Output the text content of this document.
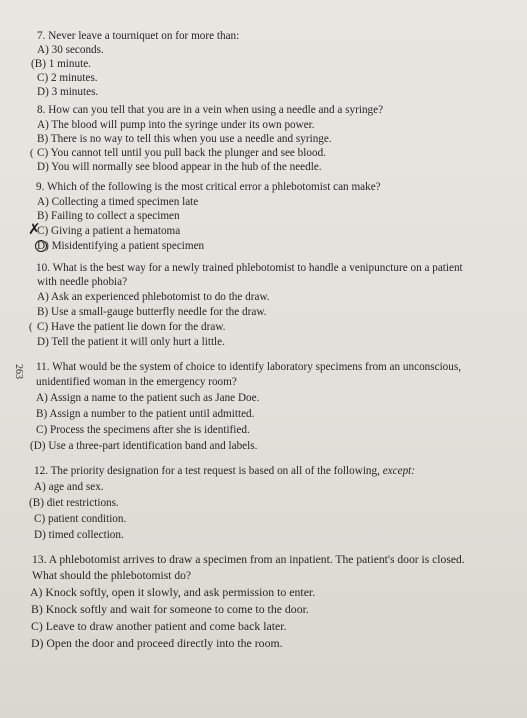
7. Never leave a tourniquet on for more than:
A) 30 seconds.
(B) 1 minute.
C) 2 minutes.
D) 3 minutes.
8. How can you tell that you are in a vein when using a needle and a syringe?
A) The blood will pump into the syringe under its own power.
B) There is no way to tell this when you use a needle and syringe.
( C) You cannot tell until you pull back the plunger and see blood.
D) You will normally see blood appear in the hub of the needle.
9. Which of the following is the most critical error a phlebotomist can make?
A) Collecting a timed specimen late
B) Failing to collect a specimen
✗
C) Giving a patient a hematoma
D) Misidentifying a patient specimen
10. What is the best way for a newly trained phlebotomist to handle a venipuncture on a patient
with needle phobia?
A) Ask an experienced phlebotomist to do the draw.
B) Use a small-gauge butterfly needle for the draw.
( C) Have the patient lie down for the draw.
D) Tell the patient it will only hurt a little.
263 11. What would be the system of choice to identify laboratory specimens from an unconscious,
unidentified woman in the emergency room?
A) Assign a name to the patient such as Jane Doe.
B) Assign a number to the patient until admitted.
C) Process the specimens after she is identified.
(D) Use a three-part identification band and labels.
12. The priority designation for a test request is based on all of the following, except:
A) age and sex.
(B) diet restrictions.
C) patient condition.
D) timed collection.
13. A phlebotomist arrives to draw a specimen from an inpatient. The patient's door is closed.
What should the phlebotomist do?
A) Knock softly, open it slowly, and ask permission to enter.
B) Knock softly and wait for someone to come to the door.
C) Leave to draw another patient and come back later.
D) Open the door and proceed directly into the room.
